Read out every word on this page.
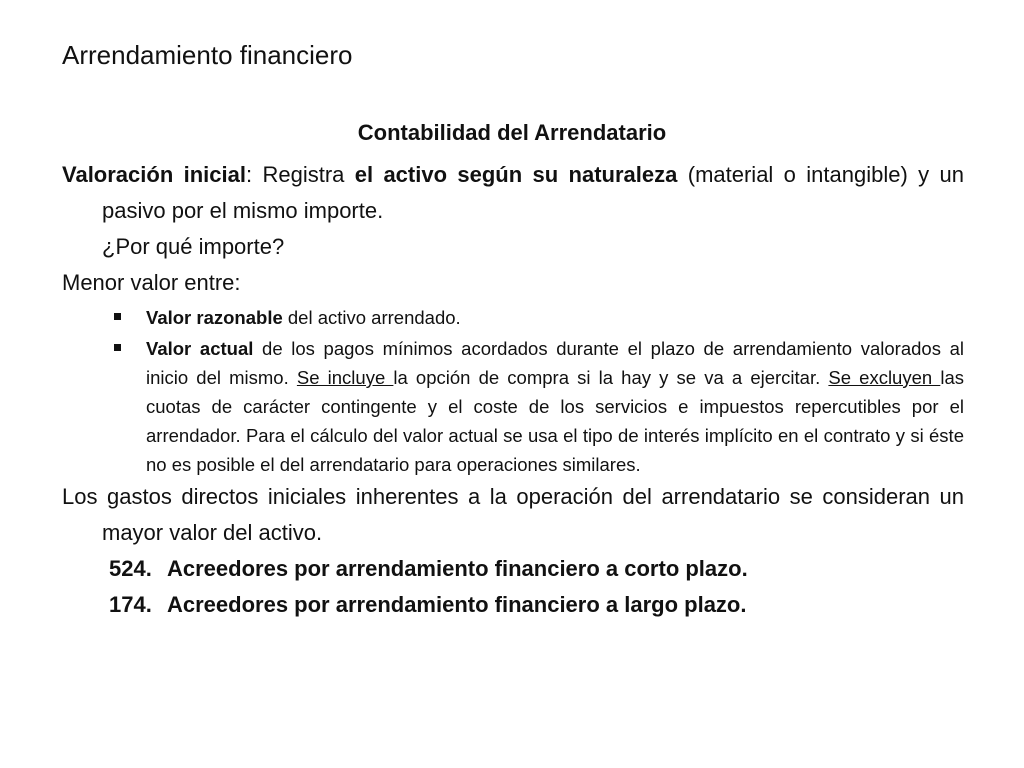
Arrendamiento financiero
Contabilidad del Arrendatario

Valoración inicial: Registra el activo según su naturaleza (material o intangible) y un pasivo por el mismo importe.

¿Por qué importe?

Menor valor entre:

Valor razonable del activo arrendado.
Valor actual de los pagos mínimos acordados durante el plazo de arrendamiento valorados al inicio del mismo. Se incluye la opción de compra si la hay y se va a ejercitar. Se excluyen las cuotas de carácter contingente y el coste de los servicios e impuestos repercutibles por el arrendador. Para el cálculo del valor actual se usa el tipo de interés implícito en el contrato y si éste no es posible el del arrendatario para operaciones similares.

Los gastos directos iniciales inherentes a la operación del arrendatario se consideran un mayor valor del activo.

524. Acreedores por arrendamiento financiero a corto plazo.

174. Acreedores por arrendamiento financiero a largo plazo.
